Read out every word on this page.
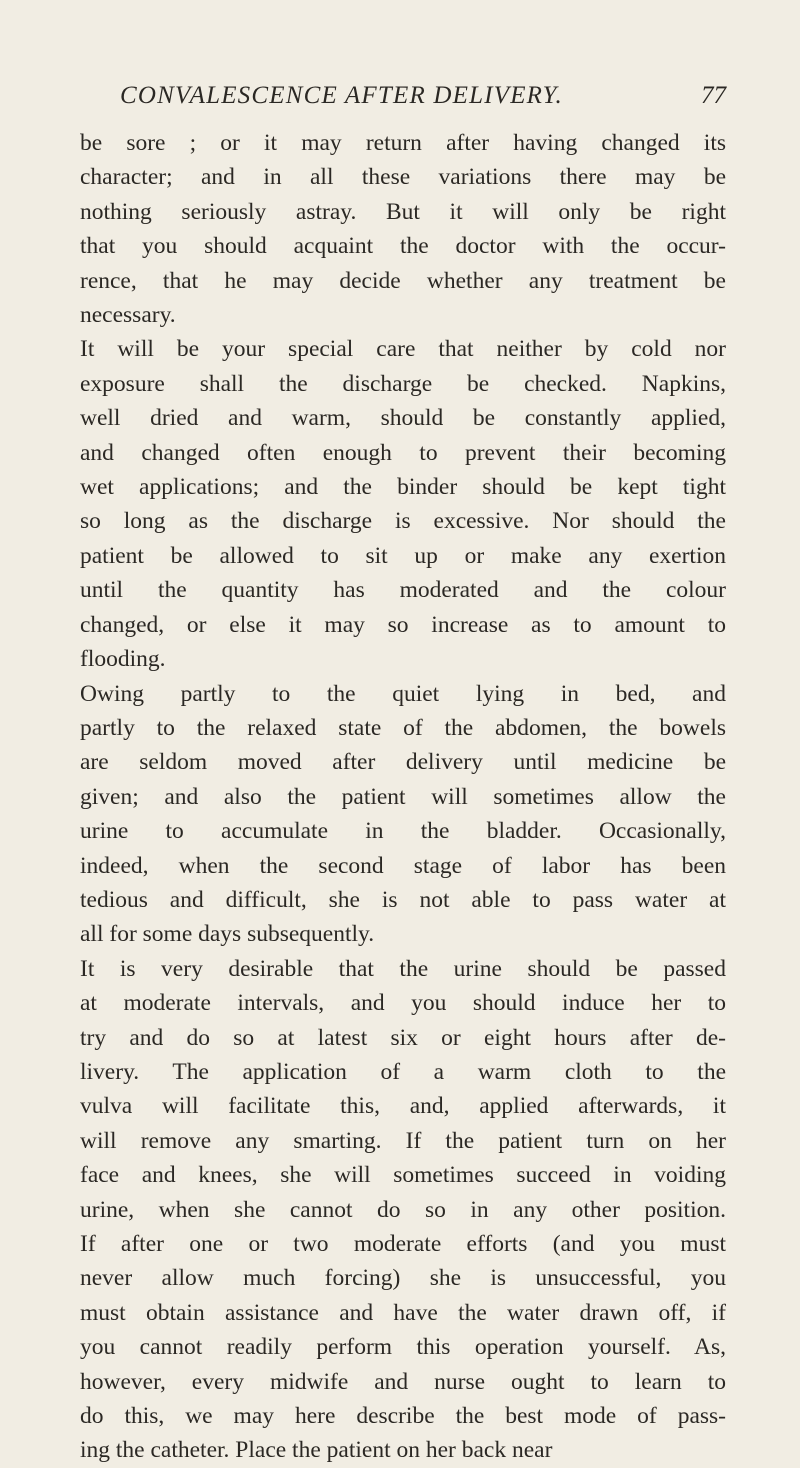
CONVALESCENCE AFTER DELIVERY.	77

be sore ; or it may return after having changed its
character; and in all these variations there may be
nothing seriously astray. But it will only be right
that you should acquaint the doctor with the occur-
rence, that he may decide whether any treatment be
necessary.

It will be your special care that neither by cold nor
exposure shall the discharge be checked. Napkins,
well dried and warm, should be constantly applied,
and changed often enough to prevent their becoming
wet applications; and the binder should be kept tight
so long as the discharge is excessive. Nor should the
patient be allowed to sit up or make any exertion
until the quantity has moderated and the colour
changed, or else it may so increase as to amount to
flooding.

Owing partly to the quiet lying in bed, and
partly to the relaxed state of the abdomen, the bowels
are seldom moved after delivery until medicine be
given; and also the patient will sometimes allow the
urine to accumulate in the bladder. Occasionally,
indeed, when the second stage of labor has been
tedious and difficult, she is not able to pass water at
all for some days subsequently.

It is very desirable that the urine should be passed
at moderate intervals, and you should induce her to
try and do so at latest six or eight hours after de-
livery. The application of a warm cloth to the
vulva will facilitate this, and, applied afterwards, it
will remove any smarting. If the patient turn on her
face and knees, she will sometimes succeed in voiding
urine, when she cannot do so in any other position.
If after one or two moderate efforts (and you must
never allow much forcing) she is unsuccessful, you
must obtain assistance and have the water drawn off, if
you cannot readily perform this operation yourself. As,
however, every midwife and nurse ought to learn to
do this, we may here describe the best mode of pass-
ing the catheter. Place the patient on her back near
